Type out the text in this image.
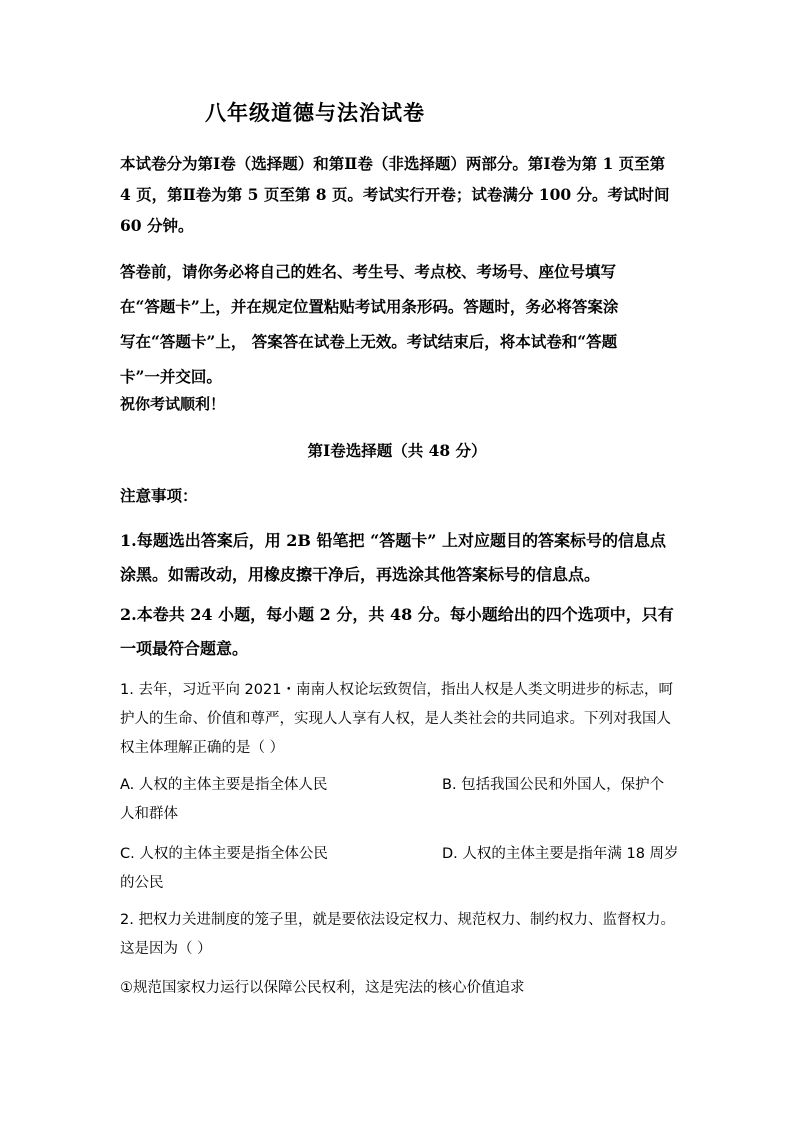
八年级道德与法治试卷
本试卷分为第Ⅰ卷（选择题）和第Ⅱ卷（非选择题）两部分。第Ⅰ卷为第 1 页至第 4 页，第Ⅱ卷为第 5 页至第 8 页。考试实行开卷；试卷满分 100 分。考试时间 60 分钟。
答卷前，请你务必将自己的姓名、考生号、考点校、考场号、座位号填写
在“答题卡”上，并在规定位置粘贴考试用条形码。答题时，务必将答案涂
写在“答题卡”上， 答案答在试卷上无效。考试结束后，将本试卷和“答题
卡”一并交回。
祝你考试顺利！
第Ⅰ卷选择题（共 48 分）
注意事项：
1.每题选出答案后，用 2B 铅笔把 “答题卡” 上对应题目的答案标号的信息点涂黑。如需改动，用橡皮擦干净后，再选涂其他答案标号的信息点。
2.本卷共 24 小题，每小题 2 分，共 48 分。每小题给出的四个选项中，只有一项最符合题意。
1. 去年，习近平向 2021・南南人权论坛致贺信，指出人权是人类文明进步的标志，呵护人的生命、价值和尊严，实现人人享有人权，是人类社会的共同追求。下列对我国人权主体理解正确的是（ ）
A. 人权的主体主要是指全体人民	B. 包括我国公民和外国人，保护个
人和群体
C. 人权的主体主要是指全体公民	D. 人权的主体主要是指年满 18 周岁
的公民
2. 把权力关进制度的笼子里，就是要依法设定权力、规范权力、制约权力、监督权力。这是因为（ ）
①规范国家权力运行以保障公民权利，这是宪法的核心价值追求
